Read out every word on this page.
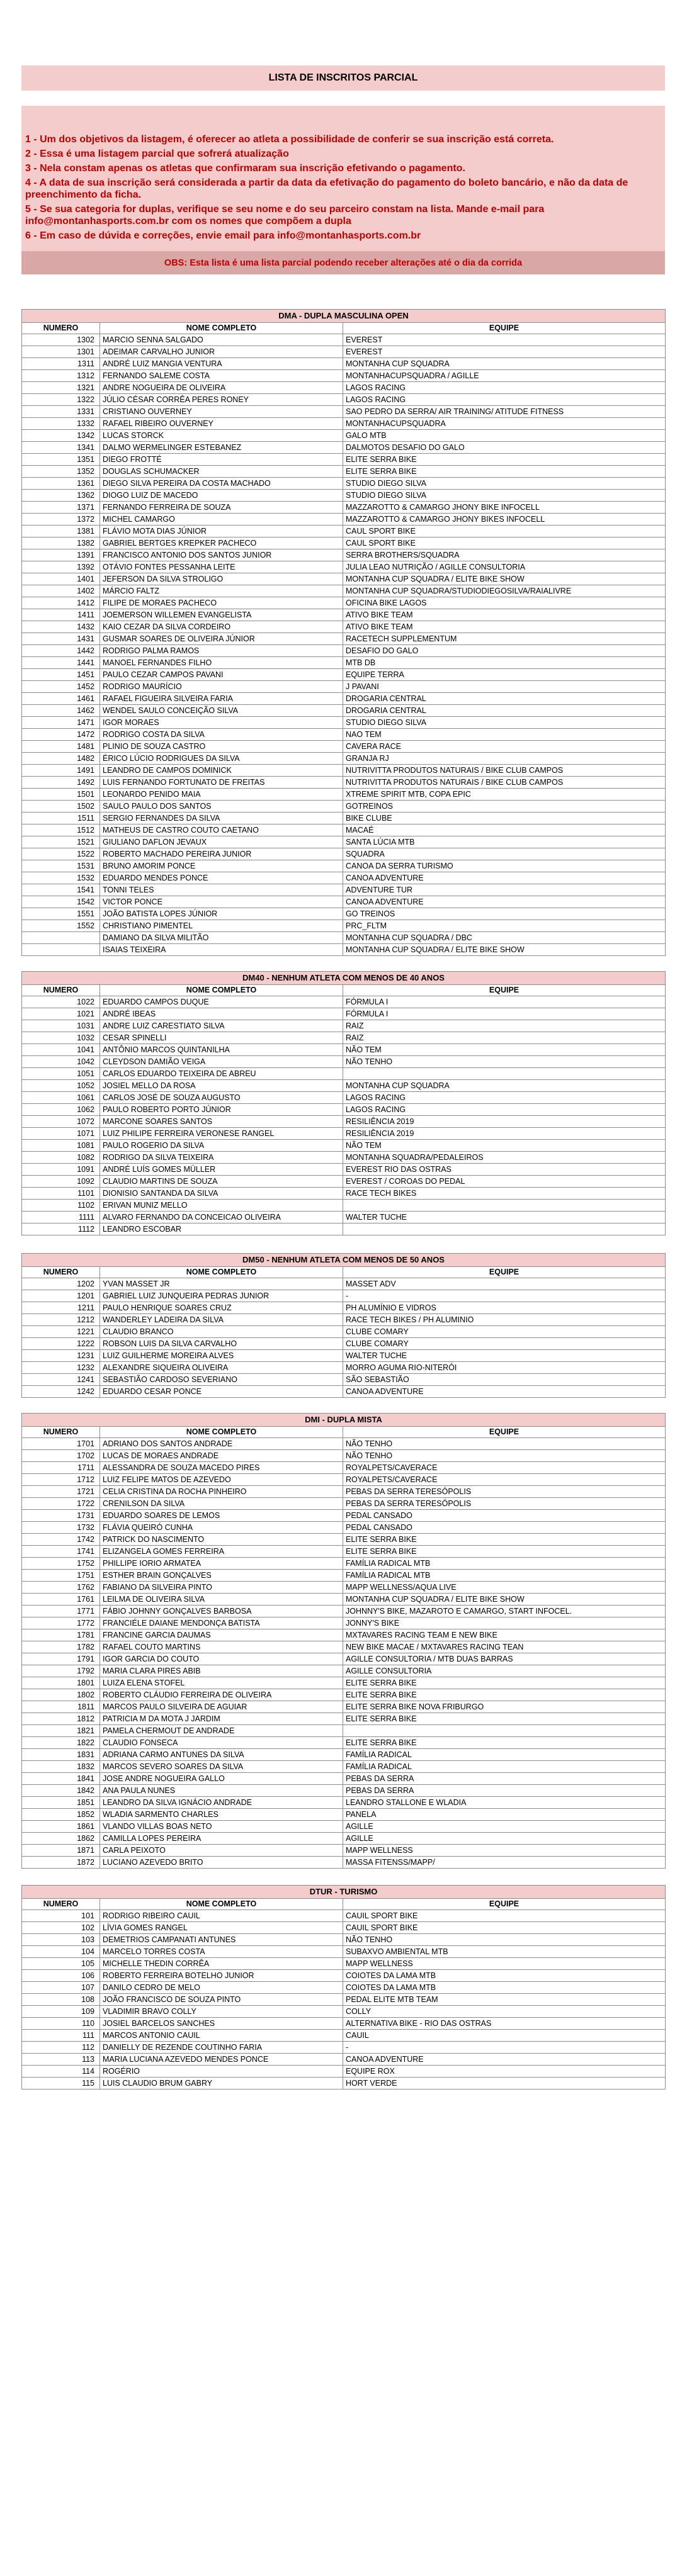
LISTA DE INSCRITOS PARCIAL

1 - Um dos objetivos da listagem, é oferecer ao atleta a possibilidade de conferir se sua inscrição está correta.

2 - Essa é uma listagem parcial que sofrerá atualização

3 - Nela constam apenas os atletas que confirmaram sua inscrição efetivando o pagamento.

4 - A data de sua inscrição será considerada a partir da data da efetivação do pagamento do boleto bancário, e não da data de preenchimento da ficha.

5 - Se sua categoria for duplas, verifique se seu nome e do seu parceiro constam na lista. Mande e-mail para info@montanhasports.com.br com os nomes que compõem a dupla

6 - Em caso de dúvida e correções, envie email para info@montanhasports.com.br

OBS: Esta lista é uma lista parcial podendo receber alterações até o dia da corrida
DMA - DUPLA MASCULINA OPEN		
NUMERO	NOME COMPLETO	EQUIPE
1302	MARCIO SENNA SALGADO	EVEREST
1301	ADEIMAR CARVALHO JUNIOR	EVEREST
1311	ANDRÉ LUIZ MANGIA VENTURA	MONTANHA CUP SQUADRA
1312	FERNANDO SALEME COSTA	MONTANHACUPSQUADRA / AGILLE
1321	ANDRE NOGUEIRA DE OLIVEIRA	LAGOS RACING
1322	JÚLIO CÉSAR CORRÊA PERES RONEY	LAGOS RACING
1331	CRISTIANO OUVERNEY	SAO PEDRO DA SERRA/ AIR TRAINING/ ATITUDE FITNESS
1332	RAFAEL RIBEIRO OUVERNEY	MONTANHACUPSQUADRA
1342	LUCAS STORCK	GALO MTB
1341	DALMO WERMELINGER ESTEBANEZ	DALMOTOS DESAFIO DO GALO
1351	DIEGO FROTTÉ	ELITE SERRA BIKE
1352	DOUGLAS SCHUMACKER	ELITE SERRA BIKE
1361	DIEGO SILVA PEREIRA DA COSTA MACHADO	STUDIO DIEGO SILVA
1362	DIOGO LUIZ DE MACEDO	STUDIO DIEGO SILVA
1371	FERNANDO FERREIRA DE SOUZA	MAZZAROTTO & CAMARGO JHONY BIKE INFOCELL
1372	MICHEL CAMARGO	MAZZAROTTO & CAMARGO JHONY BIKES INFOCELL
1381	FLÁVIO MOTA DIAS JÚNIOR	CAUL SPORT BIKE
1382	GABRIEL BERTGES KREPKER PACHECO	CAUL SPORT BIKE
1391	FRANCISCO ANTONIO DOS SANTOS JUNIOR	SERRA BROTHERS/SQUADRA
1392	OTÁVIO FONTES PESSANHA LEITE	JULIA LEAO NUTRIÇÃO / AGILLE CONSULTORIA
1401	JEFERSON DA SILVA STROLIGO	MONTANHA CUP SQUADRA / ELITE BIKE SHOW
1402	MÁRCIO FALTZ	MONTANHA CUP SQUADRA/STUDIODIEGOSILVA/RAIALIVRE
1412	FILIPE DE MORAES PACHECO	OFICINA BIKE LAGOS
1411	JOEMERSON WILLEMEN EVANGELISTA	ATIVO BIKE TEAM
1432	KAIO CEZAR DA SILVA CORDEIRO	ATIVO BIKE TEAM
1431	GUSMAR SOARES DE OLIVEIRA JÚNIOR	RACETECH SUPPLEMENTUM
1442	RODRIGO PALMA RAMOS	DESAFIO DO GALO
1441	MANOEL FERNANDES FILHO	MTB DB
1451	PAULO CEZAR CAMPOS PAVANI	EQUIPE TERRA
1452	RODRIGO MAURÍCIO	J PAVANI
1461	RAFAEL FIGUEIRA SILVEIRA FARIA	DROGARIA CENTRAL
1462	WENDEL SAULO CONCEIÇÃO SILVA	DROGARIA CENTRAL
1471	IGOR MORAES	STUDIO DIEGO SILVA
1472	RODRIGO COSTA DA SILVA	NAO TEM
1481	PLINIO DE SOUZA CASTRO	CAVERA RACE
1482	ÉRICO LÚCIO RODRIGUES DA SILVA	GRANJA RJ
1491	LEANDRO DE CAMPOS DOMINICK	NUTRIVITTA PRODUTOS NATURAIS / BIKE CLUB CAMPOS
1492	LUIS FERNANDO FORTUNATO DE FREITAS	NUTRIVITTA PRODUTOS NATURAIS / BIKE CLUB CAMPOS
1501	LEONARDO PENIDO MAIA	XTREME SPIRIT MTB, COPA EPIC
1502	SAULO PAULO DOS SANTOS	GOTREINOS
1511	SERGIO FERNANDES DA SILVA	BIKE CLUBE
1512	MATHEUS DE CASTRO COUTO CAETANO	MACAÉ
1521	GIULIANO DAFLON JEVAUX	SANTA LÚCIA MTB
1522	ROBERTO MACHADO PEREIRA JUNIOR	SQUADRA
1531	BRUNO AMORIM PONCE	CANOA DA SERRA TURISMO
1532	EDUARDO MENDES PONCE	CANOA ADVENTURE
1541	TONNI TELES	ADVENTURE TUR
1542	VICTOR PONCE	CANOA ADVENTURE
1551	JOÃO BATISTA LOPES JÚNIOR	GO TREINOS
1552	CHRISTIANO PIMENTEL	PRC_FLTM
	DAMIANO DA SILVA MILITÃO	MONTANHA CUP SQUADRA / DBC
	ISAIAS TEIXEIRA	MONTANHA CUP SQUADRA / ELITE BIKE SHOW
DM40 - NENHUM ATLETA COM MENOS DE 40 ANOS		
NUMERO	NOME COMPLETO	EQUIPE
1022	EDUARDO CAMPOS DUQUE	FÓRMULA I
1021	ANDRÉ IBEAS	FÓRMULA I
1031	ANDRE LUIZ CARESTIATO SILVA	RAIZ
1032	CESAR SPINELLI	RAIZ
1041	ANTÔNIO MARCOS QUINTANILHA	NÃO TEM
1042	CLEYDSON DAMIÃO VEIGA	NÃO TENHO
1051	CARLOS EDUARDO TEIXEIRA DE ABREU	
1052	JOSIEL MELLO DA ROSA	MONTANHA CUP SQUADRA
1061	CARLOS JOSÉ DE SOUZA AUGUSTO	LAGOS RACING
1062	PAULO ROBERTO PORTO JÚNIOR	LAGOS RACING
1072	MARCONE SOARES SANTOS	RESILIÊNCIA 2019
1071	LUIZ PHILIPE FERREIRA VERONESE RANGEL	RESILIÊNCIA 2019
1081	PAULO ROGERIO DA SILVA	NÃO TEM
1082	RODRIGO DA SILVA TEIXEIRA	MONTANHA SQUADRA/PEDALEIROS
1091	ANDRÉ LUÍS GOMES MÜLLER	EVEREST RIO DAS OSTRAS
1092	CLAUDIO MARTINS DE SOUZA	EVEREST / COROAS DO PEDAL
1101	DIONISIO SANTANDA DA SILVA	RACE TECH BIKES
1102	ERIVAN MUNIZ MELLO	
1111	ALVARO FERNANDO DA CONCEICAO OLIVEIRA	WALTER TUCHE
1112	LEANDRO ESCOBAR	
DM50 - NENHUM ATLETA COM MENOS DE 50 ANOS		
NUMERO	NOME COMPLETO	EQUIPE
1202	YVAN MASSET JR	MASSET ADV
1201	GABRIEL LUIZ JUNQUEIRA PEDRAS JUNIOR	-
1211	PAULO HENRIQUE SOARES CRUZ	PH ALUMÍNIO E VIDROS
1212	WANDERLEY LADEIRA DA SILVA	RACE TECH BIKES / PH ALUMINIO
1221	CLAUDIO BRANCO	CLUBE COMARY
1222	ROBSON LUIS DA SILVA CARVALHO	CLUBE COMARY
1231	LUIZ GUILHERME MOREIRA ALVES	WALTER TUCHE
1232	ALEXANDRE SIQUEIRA OLIVEIRA	MORRO AGUMA RIO-NITERÓI
1241	SEBASTIÃO CARDOSO SEVERIANO	SÃO SEBASTIÃO
1242	EDUARDO CESAR PONCE	CANOA ADVENTURE
DMI - DUPLA MISTA		
NUMERO	NOME COMPLETO	EQUIPE
1701	ADRIANO DOS SANTOS ANDRADE	NÃO TENHO
1702	LUCAS DE MORAES ANDRADE	NÃO TENHO
1711	ALESSANDRA DE SOUZA MACEDO PIRES	ROYALPETS/CAVERACE
1712	LUIZ FELIPE MATOS DE AZEVEDO	ROYALPETS/CAVERACE
1721	CELIA CRISTINA DA ROCHA PINHEIRO	PEBAS DA SERRA TERESÓPOLIS
1722	CRENILSON DA SILVA	PEBAS DA SERRA TERESÓPOLIS
1731	EDUARDO SOARES DE LEMOS	PEDAL CANSADO
1732	FLÁVIA QUEIRÓ CUNHA	PEDAL CANSADO
1742	PATRICK DO NASCIMENTO	ELITE SERRA BIKE
1741	ELIZANGELA GOMES FERREIRA	ELITE SERRA BIKE
1752	PHILLIPE IORIO ARMATEA	FAMÍLIA RADICAL MTB
1751	ESTHER BRAIN GONÇALVES	FAMÍLIA RADICAL MTB
1762	FABIANO DA SILVEIRA PINTO	MAPP WELLNESS/AQUA LIVE
1761	LEILMA DE OLIVEIRA SILVA	MONTANHA CUP SQUADRA / ELITE BIKE SHOW
1771	FÁBIO JOHNNY GONÇALVES BARBOSA	JOHNNY'S BIKE, MAZAROTO E CAMARGO, START INFOCEL.
1772	FRANCIÉLE DAIANE MENDONÇA BATISTA	JONNY'S BIKE
1781	FRANCINE GARCIA DAUMAS	MXTAVARES RACING TEAM E NEW BIKE
1782	RAFAEL COUTO MARTINS	NEW BIKE MACAE / MXTAVARES RACING TEAN
1791	IGOR GARCIA DO COUTO	AGILLE CONSULTORIA / MTB DUAS BARRAS
1792	MARIA CLARA PIRES ABIB	AGILLE CONSULTORIA
1801	LUIZA ELENA STOFEL	ELITE SERRA BIKE
1802	ROBERTO CLÁUDIO FERREIRA DE OLIVEIRA	ELITE SERRA BIKE
1811	MARCOS PAULO SILVEIRA DE AGUIAR	ELITE SERRA BIKE NOVA FRIBURGO
1812	PATRICIA M DA MOTA J JARDIM	ELITE SERRA BIKE
1821	PAMELA CHERMOUT DE ANDRADE	
1822	CLAUDIO FONSECA	ELITE SERRA BIKE
1831	ADRIANA CARMO ANTUNES DA SILVA	FAMÍLIA RADICAL
1832	MARCOS SEVERO SOARES DA SILVA	FAMÍLIA RADICAL
1841	JOSE ANDRE NOGUEIRA GALLO	PEBAS DA SERRA
1842	ANA PAULA NUNES	PEBAS DA SERRA
1851	LEANDRO DA SILVA IGNÁCIO ANDRADE	LEANDRO STALLONE E WLADIA
1852	WLADIA SARMENTO CHARLES	PANELA
1861	VLANDO VILLAS BOAS NETO	AGILLE
1862	CAMILLA LOPES PEREIRA	AGILLE
1871	CARLA PEIXOTO	MAPP WELLNESS
1872	LUCIANO AZEVEDO BRITO	MASSA FITENSS/MAPP/
DTUR - TURISMO		
NUMERO	NOME COMPLETO	EQUIPE
101	RODRIGO RIBEIRO CAUIL	CAUIL SPORT BIKE
102	LÍVIA GOMES RANGEL	CAUIL SPORT BIKE
103	DEMETRIOS CAMPANATI ANTUNES	NÃO TENHO
104	MARCELO TORRES COSTA	SUBAXVO AMBIENTAL MTB
105	MICHELLE THEDIN CORRÊA	MAPP WELLNESS
106	ROBERTO FERREIRA BOTELHO JUNIOR	COIOTES DA LAMA MTB
107	DANILO CEDRO DE MELO	COIOTES DA LAMA MTB
108	JOÃO FRANCISCO DE SOUZA PINTO	PEDAL ELITE MTB TEAM
109	VLADIMIR BRAVO COLLY	COLLY
110	JOSIEL BARCELOS SANCHES	ALTERNATIVA BIKE - RIO DAS OSTRAS
111	MARCOS ANTONIO CAUIL	CAUIL
112	DANIELLY DE REZENDE COUTINHO FARIA	-
113	MARIA LUCIANA AZEVEDO MENDES PONCE	CANOA ADVENTURE
114	ROGÉRIO	EQUIPE ROX
115	LUIS CLAUDIO BRUM GABRY	HORT VERDE
